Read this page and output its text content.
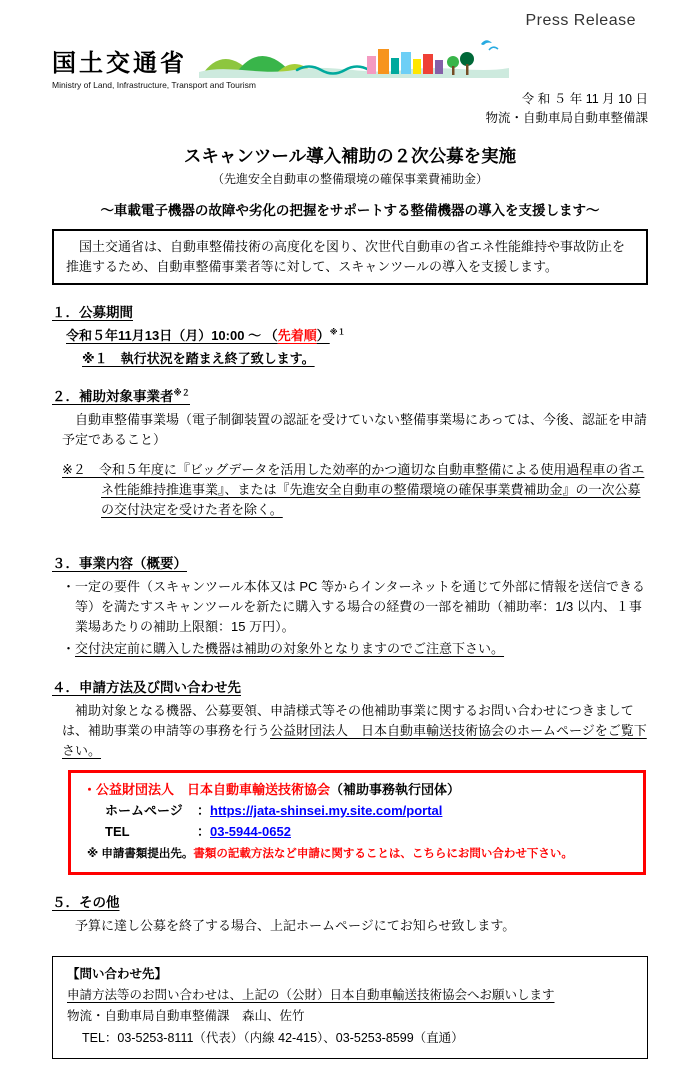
Press Release
国土交通省
Ministry of Land, Infrastructure, Transport and Tourism
令 和 ５ 年 11 月 10 日
物流・自動車局自動車整備課
スキャンツール導入補助の２次公募を実施
（先進安全自動車の整備環境の確保事業費補助金）
～車載電子機器の故障や劣化の把握をサポートする整備機器の導入を支援します～

国土交通省は、自動車整備技術の高度化を図り、次世代自動車の省エネ性能維持や事故防止を推進するため、自動車整備事業者等に対して、スキャンツールの導入を支援します。

１．公募期間
令和５年11月13日（月）10:00 ～ （先着順）$^{※1}$
※１　執行状況を踏まえ終了致します。
２．補助対象事業者$^{※2}$

自動車整備事業場（電子制御装置の認証を受けていない整備事業場にあっては、今後、認証を申請予定であること）

※２　令和５年度に『ビッグデータを活用した効率的かつ適切な自動車整備による使用過程車の省エネ性能維持推進事業』、または『先進安全自動車の整備環境の確保事業費補助金』の一次公募の交付決定を受けた者を除く。
３．事業内容（概要）
・一定の要件（スキャンツール本体又は PC 等からインターネットを通じて外部に情報を送信できる等）を満たすスキャンツールを新たに購入する場合の経費の一部を補助（補助率：1/3 以内、１事業場あたりの補助上限額：15 万円）。
・交付決定前に購入した機器は補助の対象外となりますのでご注意下さい。
４．申請方法及び問い合わせ先

補助対象となる機器、公募要領、申請様式等その他補助事業に関するお問い合わせにつきましては、補助事業の申請等の事務を行う公益財団法人　日本自動車輸送技術協会のホームページをご覧下さい。

・公益財団法人　日本自動車輸送技術協会（補助事務執行団体）
ホームページ ：https://jata-shinsei.my.site.com/portal
TEL	：03-5944-0652
※ 申請書類提出先。書類の記載方法など申請に関することは、こちらにお問い合わせ下さい。
５．その他

予算に達し公募を終了する場合、上記ホームページにてお知らせ致します。

【問い合わせ先】
申請方法等のお問い合わせは、上記の（公財）日本自動車輸送技術協会へお願いします
物流・自動車局自動車整備課　森山、佐竹
TEL：03-5253-8111（代表）（内線 42-415）、03-5253-8599（直通）
